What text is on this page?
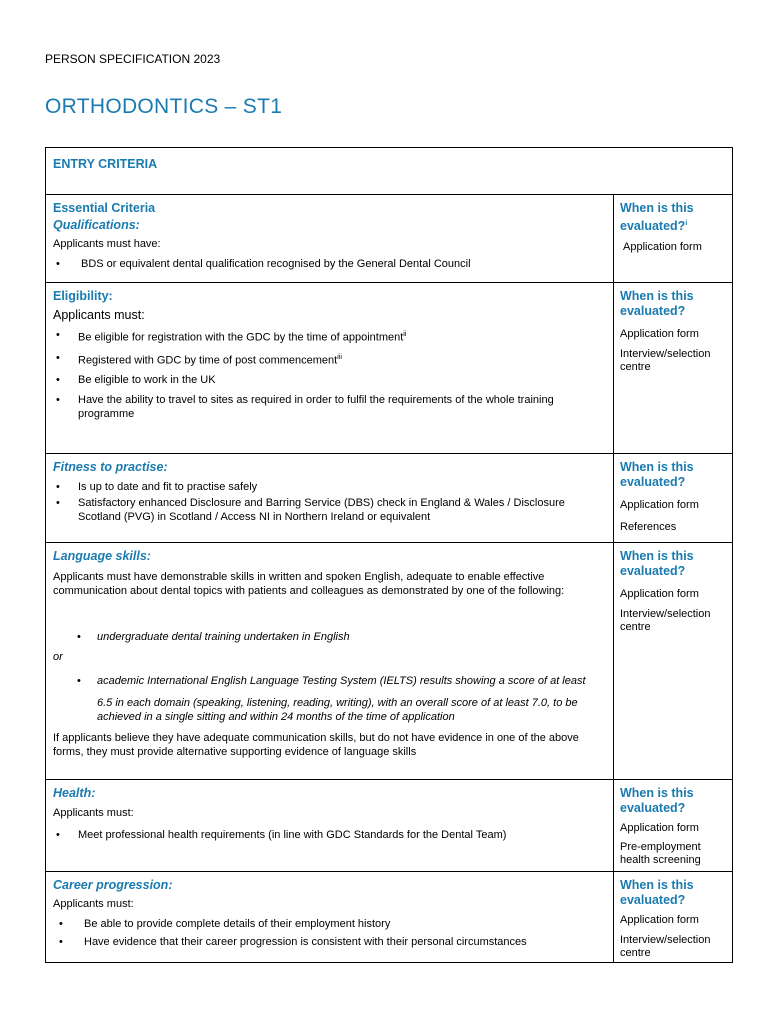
PERSON SPECIFICATION 2023
ORTHODONTICS – ST1
ENTRY CRITERIA
Essential Criteria
Qualifications:
Applicants must have:
•	BDS or equivalent dental qualification recognised by the General Dental Council
When is this
evaluated?$^i$
Application form
Eligibility:
Applicants must:
•	Be eligible for registration with the GDC by the time of appointment$^{ii}$
•	Registered with GDC by time of post commencement$^{iii}$
•	Be eligible to work in the UK
•	Have the ability to travel to sites as required in order to fulfil the requirements of the whole training programme
When is this evaluated?
Application form
Interview/selection centre
Fitness to practise:
•	Is up to date and fit to practise safely
•	Satisfactory enhanced Disclosure and Barring Service (DBS) check in England & Wales / Disclosure Scotland (PVG) in Scotland / Access NI in Northern Ireland or equivalent
When is this evaluated?
Application form
References
Language skills:
Applicants must have demonstrable skills in written and spoken English, adequate to enable effective communication about dental topics with patients and colleagues as demonstrated by one of the following:
•	undergraduate dental training undertaken in English
or
•	academic International English Language Testing System (IELTS) results showing a score of at least
6.5 in each domain (speaking, listening, reading, writing), with an overall score of at least 7.0, to be achieved in a single sitting and within 24 months of the time of application
If applicants believe they have adequate communication skills, but do not have evidence in one of the above forms, they must provide alternative supporting evidence of language skills
When is this evaluated?
Application form
Interview/selection centre
Health:
Applicants must:
•	Meet professional health requirements (in line with GDC Standards for the Dental Team)
When is this evaluated?
Application form
Pre-employment health screening
Career progression:
Applicants must:
•	Be able to provide complete details of their employment history
•	Have evidence that their career progression is consistent with their personal circumstances
When is this evaluated?
Application form
Interview/selection centre
